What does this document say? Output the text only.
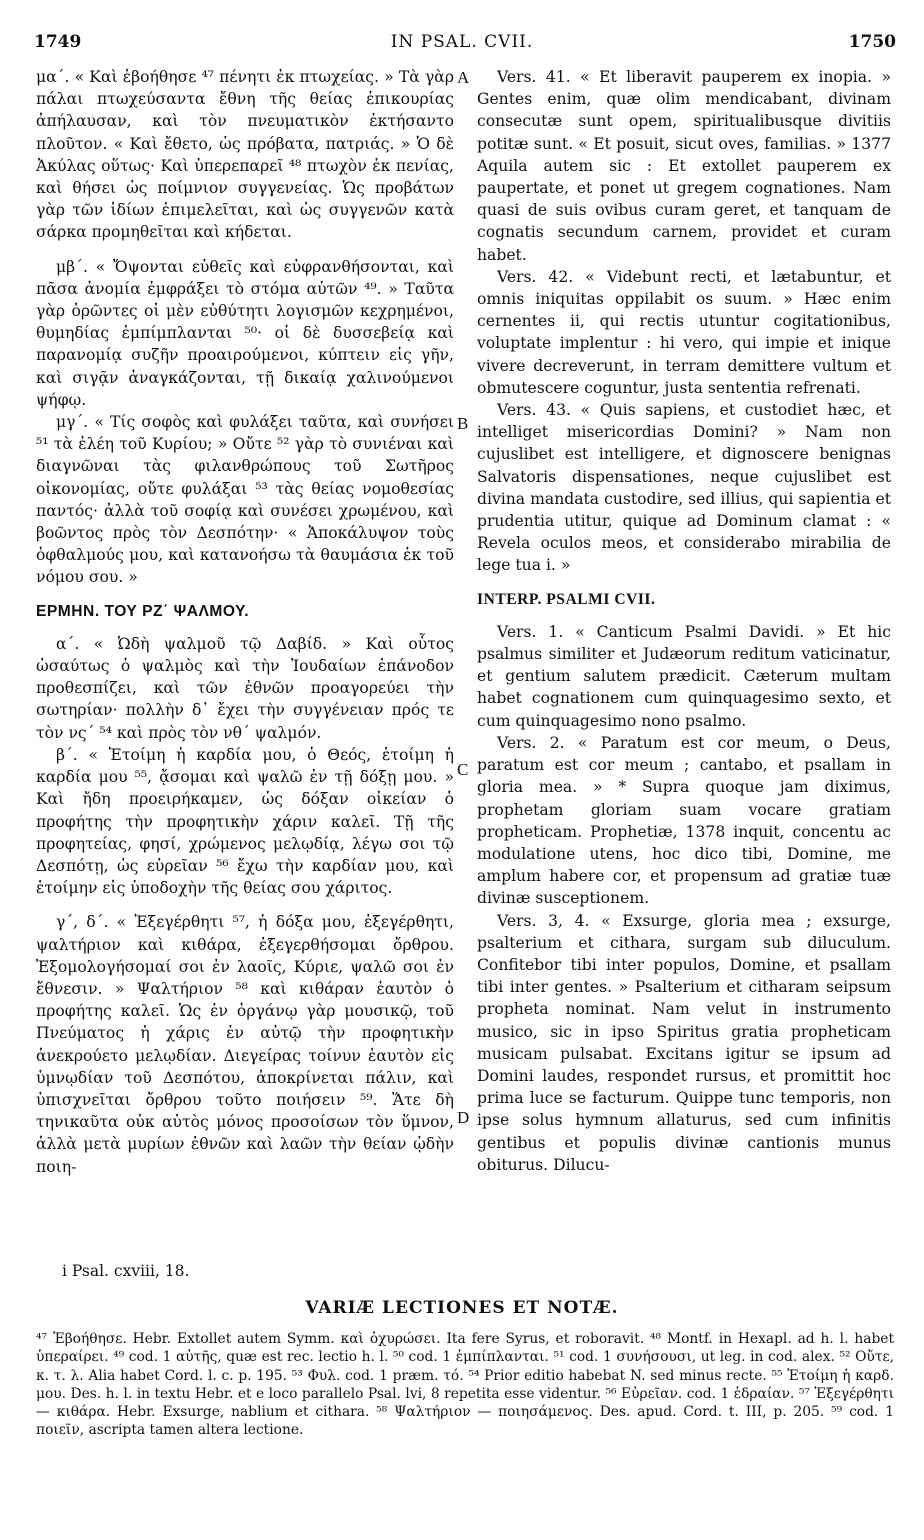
1749	IN PSAL. CVII.	1750

μα΄. « Καὶ ἐβοήθησε ⁴⁷ πένητι ἐκ πτωχείας. » Τὰ γὰρ πάλαι πτωχεύσαντα ἔθνη τῆς θείας ἐπικουρίας ἀπήλαυσαν, καὶ τὸν πνευματικὸν ἐκτήσαντο πλοῦτον. « Καὶ ἔθετο, ὡς πρόβατα, πατριάς. » Ὁ δὲ Ἀκύλας οὕτως· Καὶ ὑπερεπαρεῖ ⁴⁸ πτωχὸν ἐκ πενίας, καὶ θήσει ὡς ποίμνιον συγγενείας. Ὡς προβάτων γὰρ τῶν ἰδίων ἐπιμελεῖται, καὶ ὡς συγγενῶν κατὰ σάρκα προμηθεῖται καὶ κήδεται.

μβ΄. « Ὄψονται εὐθεῖς καὶ εὐφρανθήσονται, καὶ πᾶσα ἀνομία ἐμφράξει τὸ στόμα αὐτῶν ⁴⁹. » Ταῦτα γὰρ ὁρῶντες οἱ μὲν εὐθύτητι λογισμῶν κεχρημένοι, θυμηδίας ἐμπίμπλανται ⁵⁰· οἱ δὲ δυσσεβείᾳ καὶ παρανομίᾳ συζῆν προαιρούμενοι, κύπτειν εἰς γῆν, καὶ σιγᾷν ἀναγκάζονται, τῇ δικαίᾳ χαλινούμενοι ψήφῳ.

μγ΄. « Τίς σοφὸς καὶ φυλάξει ταῦτα, καὶ συνήσει ⁵¹ τὰ ἐλέη τοῦ Κυρίου; » Οὔτε ⁵² γὰρ τὸ συνιέναι καὶ διαγνῶναι τὰς φιλανθρώπους τοῦ Σωτῆρος οἰκονομίας, οὔτε φυλάξαι ⁵³ τὰς θείας νομοθεσίας παντός· ἀλλὰ τοῦ σοφίᾳ καὶ συνέσει χρωμένου, καὶ βοῶντος πρὸς τὸν Δεσπότην· « Ἀποκάλυψον τοὺς ὀφθαλμούς μου, καὶ κατανοήσω τὰ θαυμάσια ἐκ τοῦ νόμου σου. »

ΕΡΜΗΝ. ΤΟΥ ΡΖ΄ ΨΑΛΜΟΥ.

α΄. « Ὠδὴ ψαλμοῦ τῷ Δαβίδ. » Καὶ οὗτος ὡσαύτως ὁ ψαλμὸς καὶ τὴν Ἰουδαίων ἐπάνοδον προθεσπίζει, καὶ τῶν ἐθνῶν προαγορεύει τὴν σωτηρίαν· πολλὴν δ᾽ ἔχει τὴν συγγένειαν πρός τε τὸν νς΄ ⁵⁴ καὶ πρὸς τὸν νθ΄ ψαλμόν.

β΄. « Ἑτοίμη ἡ καρδία μου, ὁ Θεός, ἑτοίμη ἡ καρδία μου ⁵⁵, ᾄσομαι καὶ ψαλῶ ἐν τῇ δόξῃ μου. » Καὶ ἤδη προειρήκαμεν, ὡς δόξαν οἰκείαν ὁ προφήτης τὴν προφητικὴν χάριν καλεῖ. Τῇ τῆς προφητείας, φησί, χρώμενος μελῳδίᾳ, λέγω σοι τῷ Δεσπότῃ, ὡς εὑρεῖαν ⁵⁶ ἔχω τὴν καρδίαν μου, καὶ ἑτοίμην εἰς ὑποδοχὴν τῆς θείας σου χάριτος.

γ΄, δ΄. « Ἐξεγέρθητι ⁵⁷, ἡ δόξα μου, ἐξεγέρθητι, ψαλτήριον καὶ κιθάρα, ἐξεγερθήσομαι ὄρθρου. Ἐξομολογήσομαί σοι ἐν λαοῖς, Κύριε, ψαλῶ σοι ἐν ἔθνεσιν. » Ψαλτήριον ⁵⁸ καὶ κιθάραν ἑαυτὸν ὁ προφήτης καλεῖ. Ὡς ἐν ὀργάνῳ γὰρ μουσικῷ, τοῦ Πνεύματος ἡ χάρις ἐν αὐτῷ τὴν προφητικὴν ἀνεκρούετο μελῳδίαν. Διεγείρας τοίνυν ἑαυτὸν εἰς ὑμνῳδίαν τοῦ Δεσπότου, ἀποκρίνεται πάλιν, καὶ ὑπισχνεῖται ὄρθρου τοῦτο ποιήσειν ⁵⁹. Ἅτε δὴ τηνικαῦτα οὐκ αὐτὸς μόνος προσοίσων τὸν ὕμνον, ἀλλὰ μετὰ μυρίων ἐθνῶν καὶ λαῶν τὴν θείαν ᾠδὴν ποιη-

Vers. 41. « Et liberavit pauperem ex inopia. » Gentes enim, quæ olim mendicabant, divinam consecutæ sunt opem, spiritualibusque divitiis potitæ sunt. « Et posuit, sicut oves, familias. » 1377 Aquila autem sic : Et extollet pauperem ex paupertate, et ponet ut gregem cognationes. Nam quasi de suis ovibus curam geret, et tanquam de cognatis secundum carnem, providet et curam habet.

Vers. 42. « Videbunt recti, et lætabuntur, et omnis iniquitas oppilabit os suum. » Hæc enim cernentes ii, qui rectis utuntur cogitationibus, voluptate implentur : hi vero, qui impie et inique vivere decreverunt, in terram demittere vultum et obmutescere coguntur, justa sententia refrenati.

Vers. 43. « Quis sapiens, et custodiet hæc, et intelliget misericordias Domini? » Nam non cujuslibet est intelligere, et dignoscere benignas Salvatoris dispensationes, neque cujuslibet est divina mandata custodire, sed illius, qui sapientia et prudentia utitur, quique ad Dominum clamat : « Revela oculos meos, et considerabo mirabilia de lege tua i. »

INTERP. PSALMI CVII.

Vers. 1. « Canticum Psalmi Davidi. » Et hic psalmus similiter et Judæorum reditum vaticinatur, et gentium salutem prædicit. Cæterum multam habet cognationem cum quinquagesimo sexto, et cum quinquagesimo nono psalmo.

Vers. 2. « Paratum est cor meum, o Deus, paratum est cor meum ; cantabo, et psallam in gloria mea. » * Supra quoque jam diximus, prophetam gloriam suam vocare gratiam propheticam. Prophetiæ, 1378 inquit, concentu ac modulatione utens, hoc dico tibi, Domine, me amplum habere cor, et propensum ad gratiæ tuæ divinæ susceptionem.

Vers. 3, 4. « Exsurge, gloria mea ; exsurge, psalterium et cithara, surgam sub diluculum. Confitebor tibi inter populos, Domine, et psallam tibi inter gentes. » Psalterium et citharam seipsum propheta nominat. Nam velut in instrumento musico, sic in ipso Spiritus gratia propheticam musicam pulsabat. Excitans igitur se ipsum ad Domini laudes, respondet rursus, et promittit hoc prima luce se facturum. Quippe tunc temporis, non ipse solus hymnum allaturus, sed cum infinitis gentibus et populis divinæ cantionis munus obiturus. Dilucu-

A
B
C
D
i Psal. cxviii, 18.
VARIÆ LECTIONES ET NOTÆ.

⁴⁷ Ἐβοήθησε. Hebr. Extollet autem Symm. καὶ ὀχυρώσει. Ita fere Syrus, et roboravit. ⁴⁸ Montf. in Hexapl. ad h. l. habet ὑπεραίρει. ⁴⁹ cod. 1 αὐτῆς, quæ est rec. lectio h. l. ⁵⁰ cod. 1 ἐμπίπλανται. ⁵¹ cod. 1 συνήσουσι, ut leg. in cod. alex. ⁵² Οὔτε, κ. τ. λ. Alia habet Cord. l. c. p. 195. ⁵³ Φυλ. cod. 1 præm. τό. ⁵⁴ Prior editio habebat N. sed minus recte. ⁵⁵ Ἑτοίμη ἡ καρδ. μου. Des. h. l. in textu Hebr. et e loco parallelo Psal. lvi, 8 repetita esse videntur. ⁵⁶ Εὐρεῖαν. cod. 1 ἑδραίαν. ⁵⁷ Ἐξεγέρθητι — κιθάρα. Hebr. Exsurge, nablium et cithara. ⁵⁸ Ψαλτήριον — ποιησάμενος. Des. apud. Cord. t. III, p. 205. ⁵⁹ cod. 1 ποιεῖν, ascripta tamen altera lectione.
